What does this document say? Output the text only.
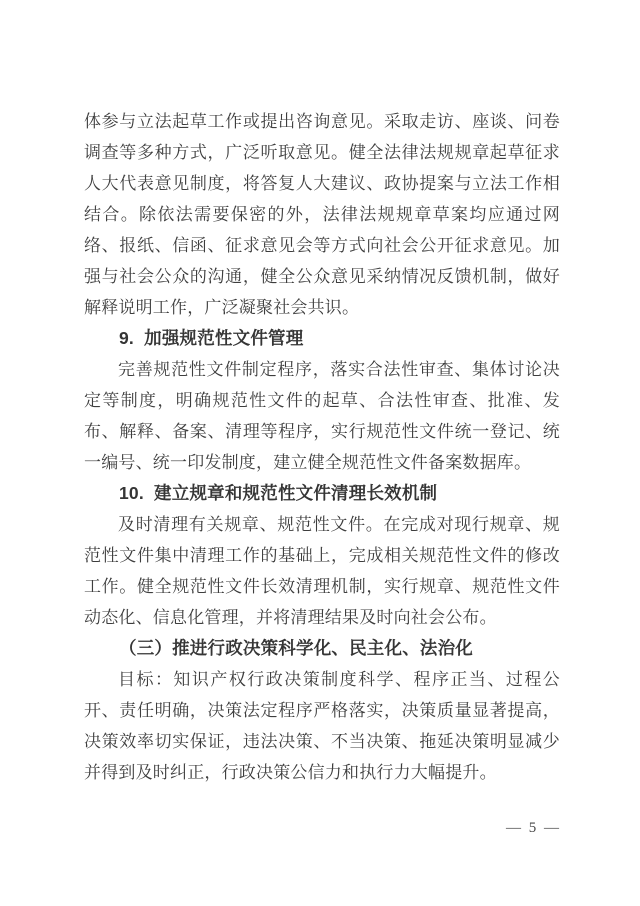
体参与立法起草工作或提出咨询意见。采取走访、座谈、问卷调查等多种方式，广泛听取意见。健全法律法规规章起草征求人大代表意见制度，将答复人大建议、政协提案与立法工作相结合。除依法需要保密的外，法律法规规章草案均应通过网络、报纸、信函、征求意见会等方式向社会公开征求意见。加强与社会公众的沟通，健全公众意见采纳情况反馈机制，做好解释说明工作，广泛凝聚社会共识。

9.  加强规范性文件管理

完善规范性文件制定程序，落实合法性审查、集体讨论决定等制度，明确规范性文件的起草、合法性审查、批准、发布、解释、备案、清理等程序，实行规范性文件统一登记、统一编号、统一印发制度，建立健全规范性文件备案数据库。

10.  建立规章和规范性文件清理长效机制

及时清理有关规章、规范性文件。在完成对现行规章、规范性文件集中清理工作的基础上，完成相关规范性文件的修改工作。健全规范性文件长效清理机制，实行规章、规范性文件动态化、信息化管理，并将清理结果及时向社会公布。

（三）推进行政决策科学化、民主化、法治化

目标：知识产权行政决策制度科学、程序正当、过程公开、责任明确，决策法定程序严格落实，决策质量显著提高，决策效率切实保证，违法决策、不当决策、拖延决策明显减少并得到及时纠正，行政决策公信力和执行力大幅提升。

— 5 —
